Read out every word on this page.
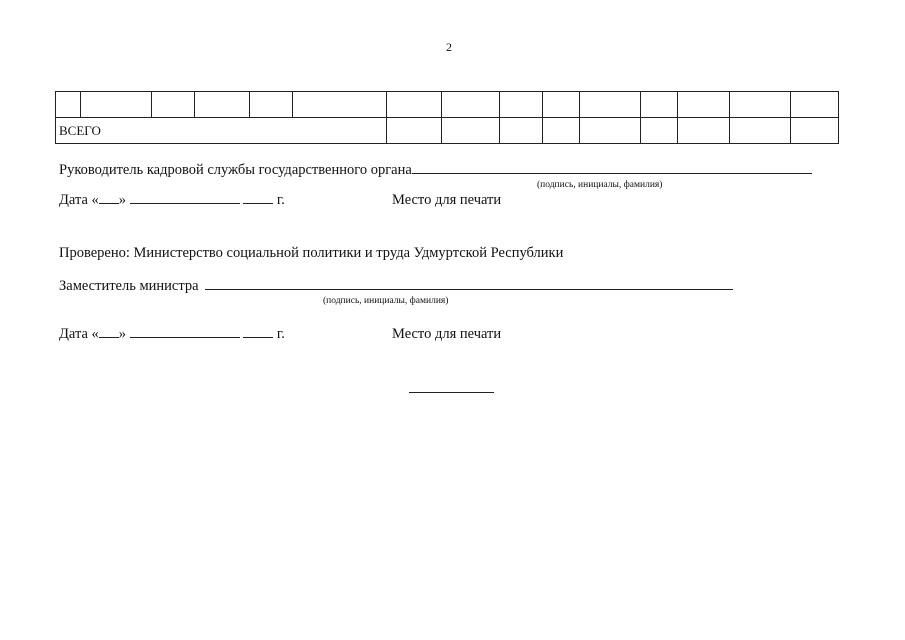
2

ВСЕГО														
Руководитель кадровой службы государственного органа
(подпись, инициалы, фамилия)
Дата « »	г.	Место для печати
Проверено: Министерство социальной политики и труда Удмуртской Республики
Заместитель министра
(подпись, инициалы, фамилия)
Дата « »	г.	Место для печати
